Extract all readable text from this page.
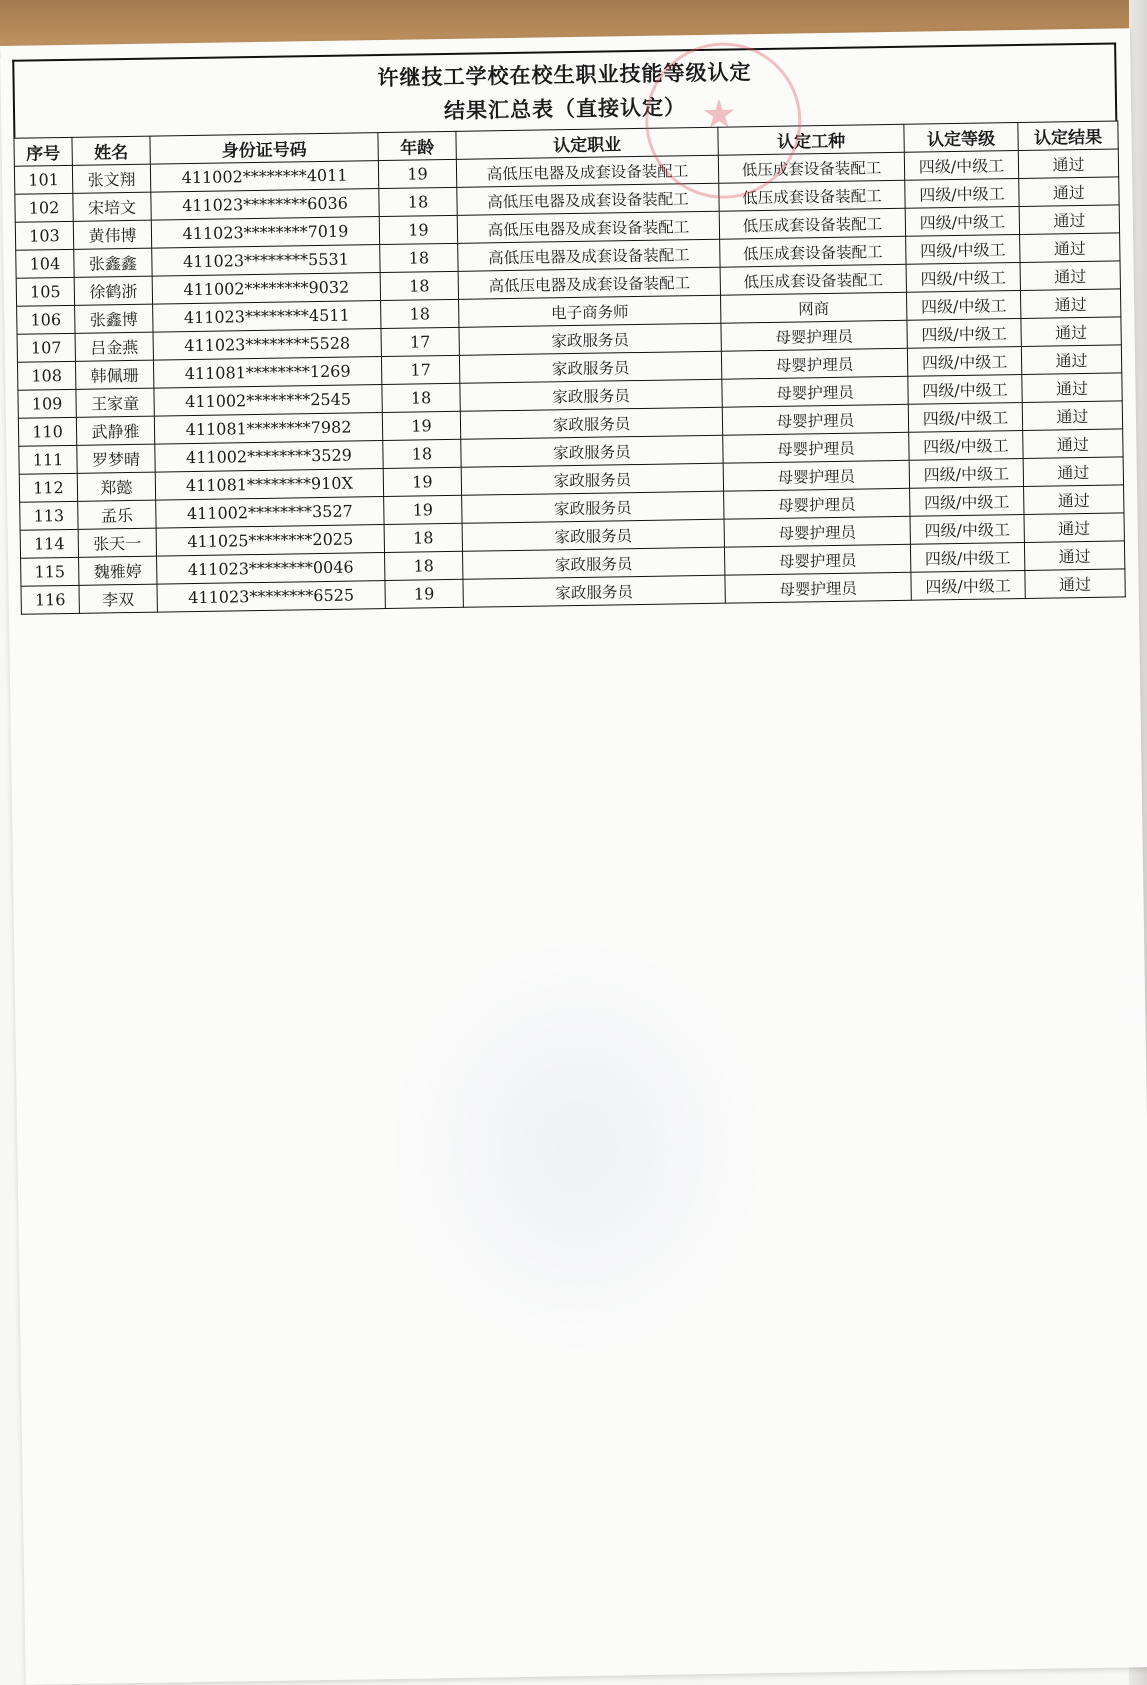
★
许继技工学校在校生职业技能等级认定
结果汇总表（直接认定）
序号	姓名	身份证号码	年龄	认定职业	认定工种	认定等级	认定结果
101	张文翔	411002********4011	19	高低压电器及成套设备装配工	低压成套设备装配工	四级/中级工	通过
102	宋培文	411023********6036	18	高低压电器及成套设备装配工	低压成套设备装配工	四级/中级工	通过
103	黄伟博	411023********7019	19	高低压电器及成套设备装配工	低压成套设备装配工	四级/中级工	通过
104	张鑫鑫	411023********5531	18	高低压电器及成套设备装配工	低压成套设备装配工	四级/中级工	通过
105	徐鹤浙	411002********9032	18	高低压电器及成套设备装配工	低压成套设备装配工	四级/中级工	通过
106	张鑫博	411023********4511	18	电子商务师	网商	四级/中级工	通过
107	吕金燕	411023********5528	17	家政服务员	母婴护理员	四级/中级工	通过
108	韩佩珊	411081********1269	17	家政服务员	母婴护理员	四级/中级工	通过
109	王家童	411002********2545	18	家政服务员	母婴护理员	四级/中级工	通过
110	武静雅	411081********7982	19	家政服务员	母婴护理员	四级/中级工	通过
111	罗梦晴	411002********3529	18	家政服务员	母婴护理员	四级/中级工	通过
112	郑懿	411081********910X	19	家政服务员	母婴护理员	四级/中级工	通过
113	孟乐	411002********3527	19	家政服务员	母婴护理员	四级/中级工	通过
114	张天一	411025********2025	18	家政服务员	母婴护理员	四级/中级工	通过
115	魏雅婷	411023********0046	18	家政服务员	母婴护理员	四级/中级工	通过
116	李双	411023********6525	19	家政服务员	母婴护理员	四级/中级工	通过
